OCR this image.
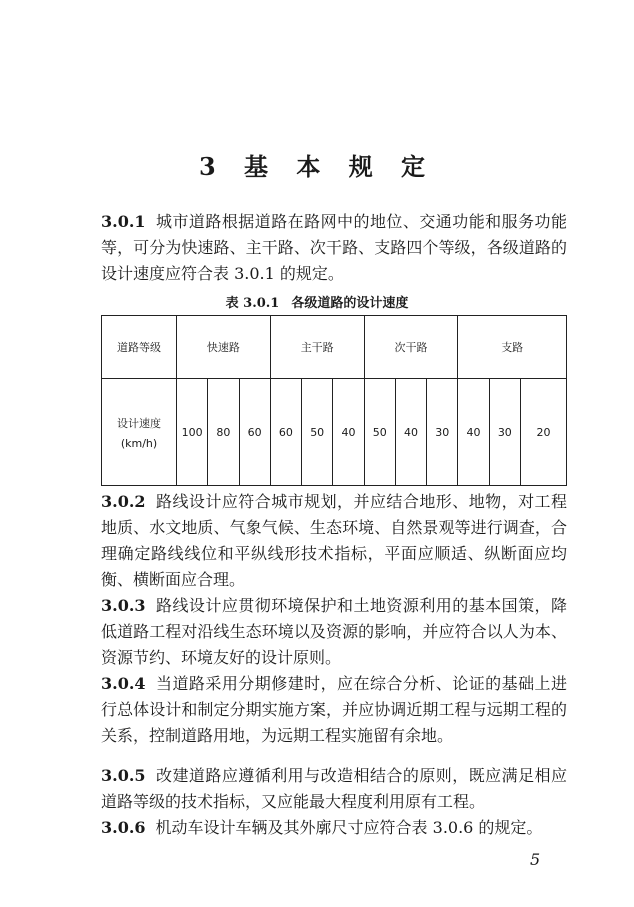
3 基 本 规 定
3.0.1 城市道路根据道路在路网中的地位、交通功能和服务功能等，可分为快速路、主干路、次干路、支路四个等级，各级道路的设计速度应符合表 3.0.1 的规定。
表 3.0.1 各级道路的设计速度
道路等级	快速路			主干路			次干路			支路		
设计速度
(km/h)	100	80	60	60	50	40	50	40	30	40	30	20
3.0.2 路线设计应符合城市规划，并应结合地形、地物，对工程地质、水文地质、气象气候、生态环境、自然景观等进行调查，合理确定路线线位和平纵线形技术指标，平面应顺适、纵断面应均衡、横断面应合理。
3.0.3 路线设计应贯彻环境保护和土地资源利用的基本国策，降低道路工程对沿线生态环境以及资源的影响，并应符合以人为本、资源节约、环境友好的设计原则。
3.0.4 当道路采用分期修建时，应在综合分析、论证的基础上进行总体设计和制定分期实施方案，并应协调近期工程与远期工程的关系，控制道路用地，为远期工程实施留有余地。
3.0.5 改建道路应遵循利用与改造相结合的原则，既应满足相应道路等级的技术指标，又应能最大程度利用原有工程。
3.0.6 机动车设计车辆及其外廓尺寸应符合表 3.0.6 的规定。
5
